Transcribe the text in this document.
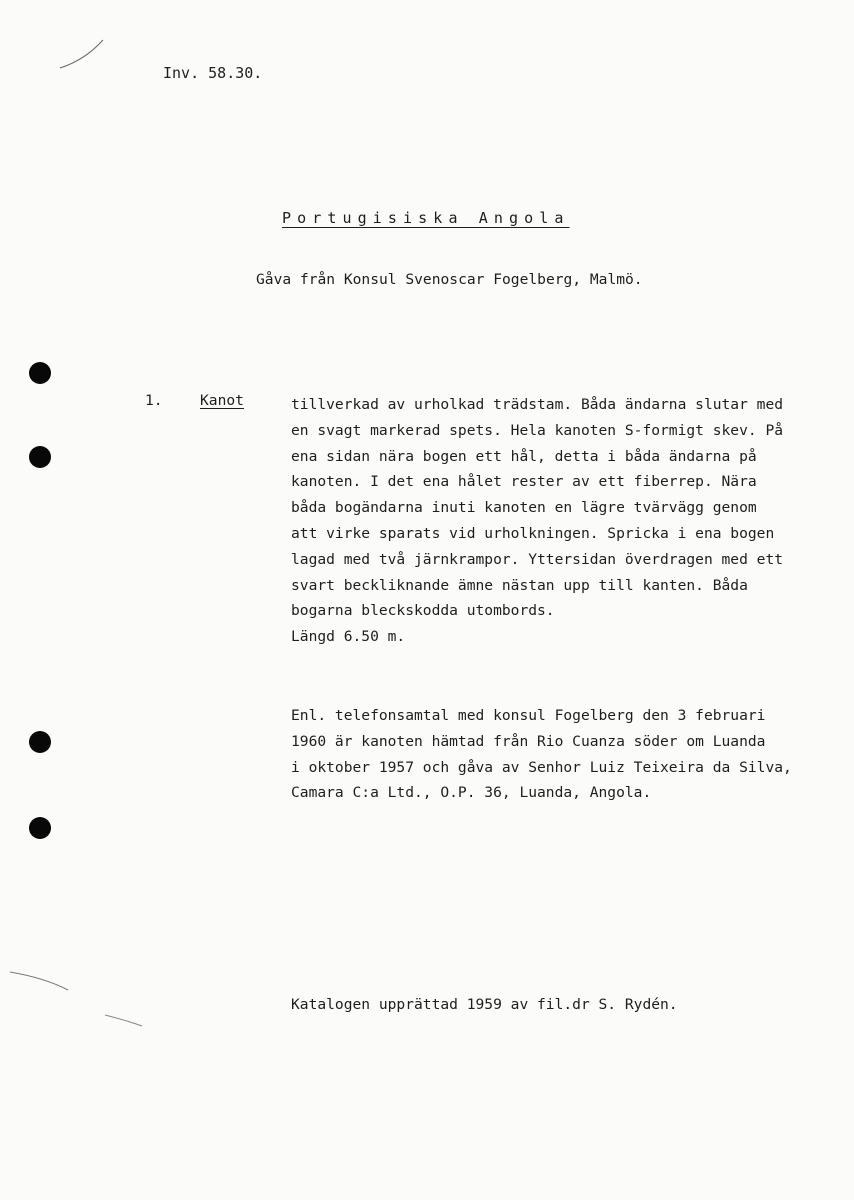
Inv. 58.30.
Portugisiska Angola
Gåva från Konsul Svenoscar Fogelberg, Malmö.
1.	Kanot	tillverkad av urholkad trädstam. Båda ändarna slutar med
en svagt markerad spets. Hela kanoten S-formigt skev. På
ena sidan nära bogen ett hål, detta i båda ändarna på
kanoten. I det ena hålet rester av ett fiberrep. Nära
båda bogändarna inuti kanoten en lägre tvärvägg genom
att virke sparats vid urholkningen. Spricka i ena bogen
lagad med två järnkrampor. Yttersidan överdragen med ett
svart beckliknande ämne nästan upp till kanten. Båda
bogarna bleckskodda utombords.
Längd 6.50 m.
Enl. telefonsamtal med konsul Fogelberg den 3 februari
1960 är kanoten hämtad från Rio Cuanza söder om Luanda
i oktober 1957 och gåva av Senhor Luiz Teixeira da Silva,
Camara C:a Ltd., O.P. 36, Luanda, Angola.
Katalogen upprättad 1959 av fil.dr S. Rydén.
